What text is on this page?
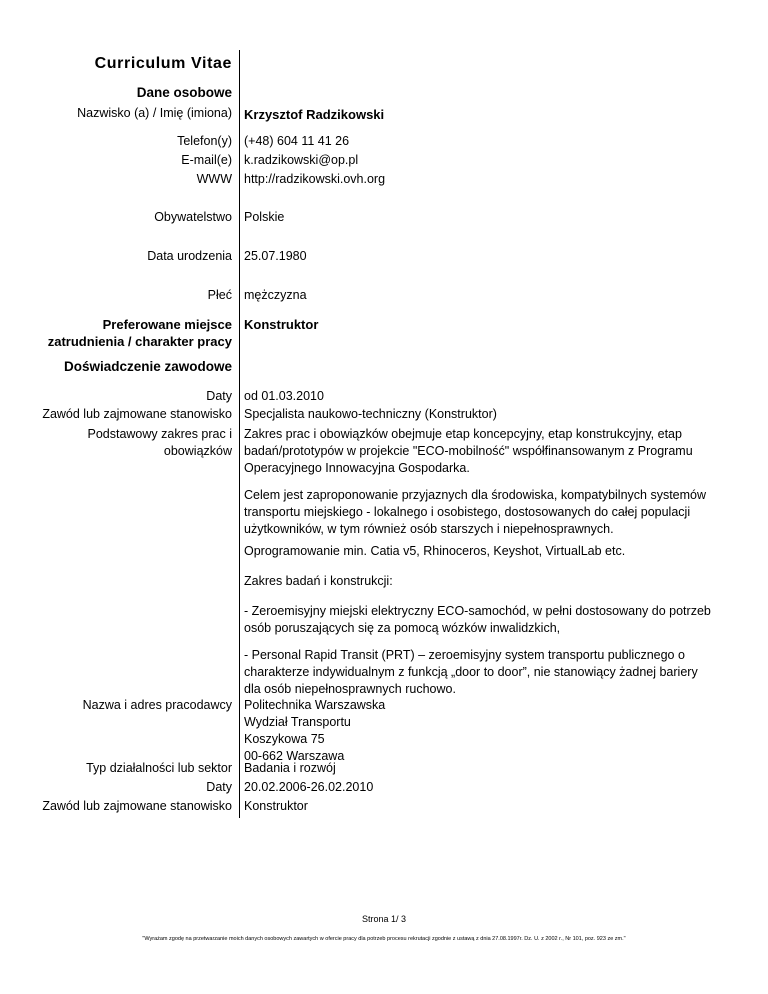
Curriculum Vitae
Dane osobowe
Nazwisko (a) / Imię (imiona) Krzysztof Radzikowski
Telefon(y) (+48) 604 11 41 26
E-mail(e) k.radzikowski@op.pl
WWW http://radzikowski.ovh.org
Obywatelstwo Polskie
Data urodzenia 25.07.1980
Płeć mężczyzna
Preferowane miejsce
zatrudnienia / charakter pracy
Konstruktor
Doświadczenie zawodowe
Daty od 01.03.2010
Zawód lub zajmowane stanowisko Specjalista naukowo-techniczny (Konstruktor)
Podstawowy zakres prac i
obowiązków
Zakres prac i obowiązków obejmuje etap koncepcyjny, etap konstrukcyjny, etap badań/prototypów w projekcie "ECO-mobilność" współfinansowanym z Programu Operacyjnego Innowacyjna Gospodarka.
Celem jest zaproponowanie przyjaznych dla środowiska, kompatybilnych systemów transportu miejskiego - lokalnego i osobistego, dostosowanych do całej populacji użytkowników, w tym również osób starszych i niepełnosprawnych.
Oprogramowanie min. Catia v5, Rhinoceros, Keyshot, VirtualLab etc.
Zakres badań i konstrukcji:
- Zeroemisyjny miejski elektryczny ECO-samochód, w pełni dostosowany do potrzeb osób poruszających się za pomocą wózków inwalidzkich,
- Personal Rapid Transit (PRT) – zeroemisyjny system transportu publicznego o charakterze indywidualnym z funkcją „door to door”, nie stanowiący żadnej bariery dla osób niepełnosprawnych ruchowo.
Nazwa i adres pracodawcy Politechnika Warszawska
Wydział Transportu
Koszykowa 75
00-662 Warszawa
Typ działalności lub sektor Badania i rozwój
Daty 20.02.2006-26.02.2010
Zawód lub zajmowane stanowisko Konstruktor
Strona 1/ 3
"Wyrażam zgodę na przetwarzanie moich danych osobowych zawartych w ofercie pracy dla potrzeb procesu rekrutacji zgodnie z ustawą z dnia 27.08.1997r. Dz. U. z 2002 r., Nr 101, poz. 923 ze zm."
